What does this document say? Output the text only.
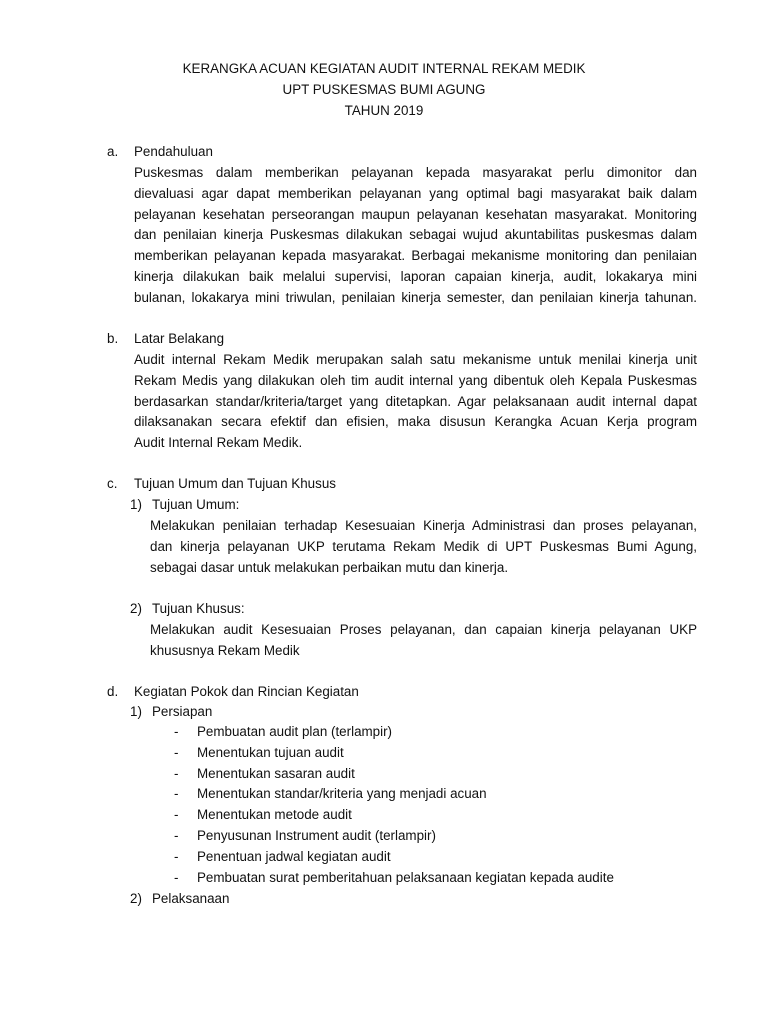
KERANGKA ACUAN KEGIATAN AUDIT INTERNAL REKAM MEDIK
UPT PUSKESMAS BUMI AGUNG
TAHUN 2019
a. Pendahuluan
Puskesmas dalam memberikan pelayanan kepada masyarakat perlu dimonitor dan
dievaluasi agar dapat memberikan pelayanan yang optimal bagi masyarakat baik dalam
pelayanan kesehatan perseorangan maupun pelayanan kesehatan masyarakat. Monitoring
dan penilaian kinerja Puskesmas dilakukan sebagai wujud akuntabilitas puskesmas dalam
memberikan pelayanan kepada masyarakat. Berbagai mekanisme monitoring dan penilaian
kinerja dilakukan baik melalui supervisi, laporan capaian kinerja, audit, lokakarya mini
bulanan, lokakarya mini triwulan, penilaian kinerja semester, dan penilaian kinerja tahunan.
b. Latar Belakang
Audit internal Rekam Medik merupakan salah satu mekanisme untuk menilai kinerja unit
Rekam Medis yang dilakukan oleh tim audit internal yang dibentuk oleh Kepala Puskesmas
berdasarkan standar/kriteria/target yang ditetapkan. Agar pelaksanaan audit internal dapat
dilaksanakan secara efektif dan efisien, maka disusun Kerangka Acuan Kerja program
Audit Internal Rekam Medik.
c. Tujuan Umum dan Tujuan Khusus
1) Tujuan Umum:
Melakukan penilaian terhadap Kesesuaian Kinerja Administrasi dan proses pelayanan,
dan kinerja pelayanan UKP terutama Rekam Medik di UPT Puskesmas Bumi Agung,
sebagai dasar untuk melakukan perbaikan mutu dan kinerja.
2) Tujuan Khusus:
Melakukan audit Kesesuaian Proses pelayanan, dan capaian kinerja pelayanan UKP
khususnya Rekam Medik
d. Kegiatan Pokok dan Rincian Kegiatan
1) Persiapan
- Pembuatan audit plan (terlampir)
- Menentukan tujuan audit
- Menentukan sasaran audit
- Menentukan standar/kriteria yang menjadi acuan
- Menentukan metode audit
- Penyusunan Instrument audit (terlampir)
- Penentuan jadwal kegiatan audit
- Pembuatan surat pemberitahuan pelaksanaan kegiatan kepada audite
2) Pelaksanaan
